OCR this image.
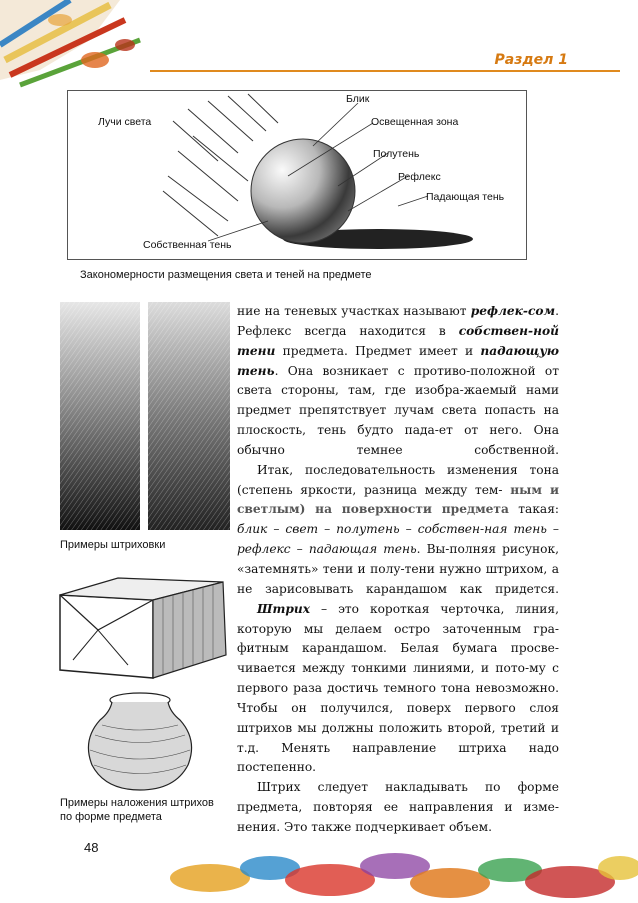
Раздел 1
Лучи света
Блик
Освещенная зона
Полутень
Рефлекс
Падающая тень
Собственная тень
Закономерности размещения света и теней на предмете
Примеры штриховки
Примеры наложения штрихов
по форме предмета

ние на теневых участках называют рефлек-сом. Рефлекс всегда находится в собствен-ной тени предмета. Предмет имеет и падающую тень. Она возникает с противо-положной от света стороны, там, где изобра-жаемый нами предмет препятствует лучам света попасть на плоскость, тень будто пада-ет от него. Она обычно темнее собственной.

Итак, последовательность изменения тона (степень яркости, разница между тем- ным и светлым) на поверхности предмета такая: блик – свет – полутень – собствен-ная тень – рефлекс – падающая тень. Вы-полняя рисунок, «затемнять» тени и полу-тени нужно штрихом, а не зарисовывать карандашом как придется.

Штрих – это короткая черточка, линия, которую мы делаем остро заточенным гра-фитным карандашом. Белая бумага просве-чивается между тонкими линиями, и пото-му с первого раза достичь темного тона невозможно. Чтобы он получился, поверх первого слоя штрихов мы должны положить второй, третий и т.д. Менять направление штриха надо постепенно.

Штрих следует накладывать по форме предмета, повторяя ее направления и изме-нения. Это также подчеркивает объем.

48
